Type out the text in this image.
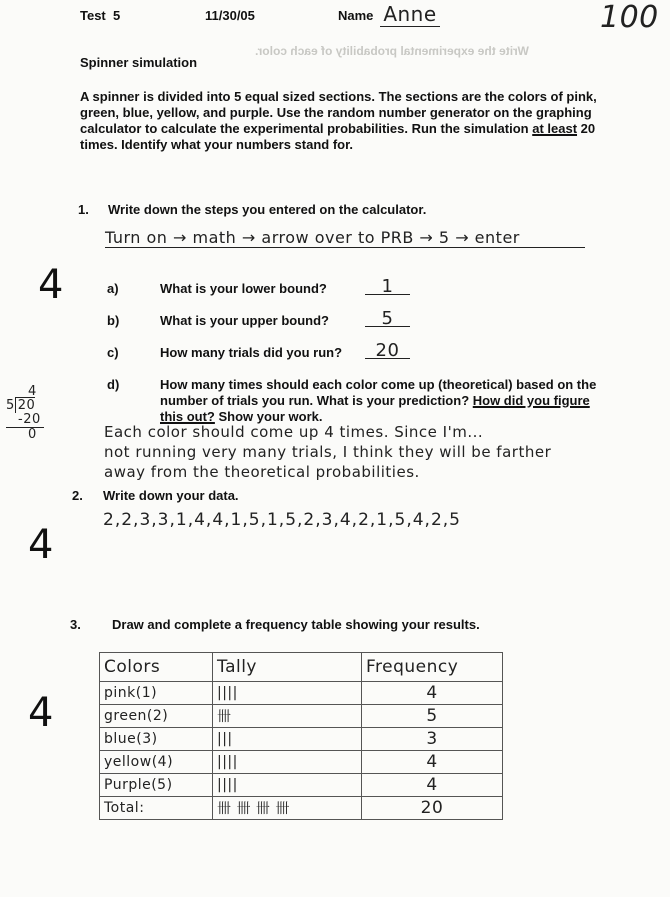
Test 5	11/30/05	Name Anne	100
Write the experimental probability of each color.
Spinner simulation
A spinner is divided into 5 equal sized sections. The sections are the colors of pink, green, blue, yellow, and purple. Use the random number generator on the graphing calculator to calculate the experimental probabilities. Run the simulation at least 20 times. Identify what your numbers stand for.
1. Write down the steps you entered on the calculator.
Turn on → math → arrow over to PRB → 5 → enter
4	a)	What is your lower bound?	1
b)	What is your upper bound?	5
c)	How many trials did you run?	20
d)	How many times should each color come up (theoretical) based on the number of trials you run. What is your prediction? How did you figure this out? Show your work.
4
5 20
-20
0	Each color should come up 4 times. Since I'm...
not running very many trials, I think they will be farther
away from the theoretical probabilities.
2. Write down your data.
2,2,3,3,1,4,4,1,5,1,5,2,3,4,2,1,5,4,2,5
4
3. Draw and complete a frequency table showing your results.
4
Colors	Tally	Frequency
pink(1)	||||	4
green(2)	卌	5
blue(3)	|||	3
yellow(4)	||||	4
Purple(5)	||||	4
Total:	卌 卌 卌 卌	20
